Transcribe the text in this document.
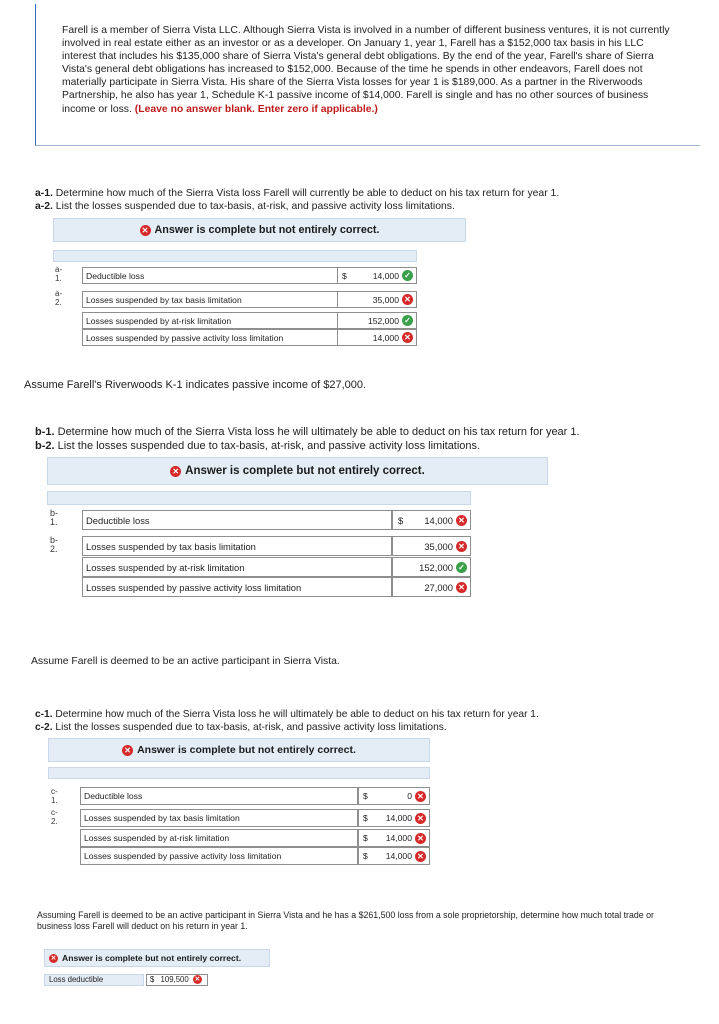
Farell is a member of Sierra Vista LLC. Although Sierra Vista is involved in a number of different business ventures, it is not currently involved in real estate either as an investor or as a developer. On January 1, year 1, Farell has a $152,000 tax basis in his LLC interest that includes his $135,000 share of Sierra Vista's general debt obligations. By the end of the year, Farell's share of Sierra Vista's general debt obligations has increased to $152,000. Because of the time he spends in other endeavors, Farell does not materially participate in Sierra Vista. His share of the Sierra Vista losses for year 1 is $189,000. As a partner in the Riverwoods Partnership, he also has year 1, Schedule K-1 passive income of $14,000. Farell is single and has no other sources of business income or loss. (Leave no answer blank. Enter zero if applicable.)
a-1. Determine how much of the Sierra Vista loss Farell will currently be able to deduct on his tax return for year 1.
a-2. List the losses suspended due to tax-basis, at-risk, and passive activity loss limitations.
✕ Answer is complete but not entirely correct.
a-
1.
a-
2.
Deductible loss	$	14,000 ✓
Losses suspended by tax basis limitation	35,000 ✕
Losses suspended by at-risk limitation	152,000 ✓
Losses suspended by passive activity loss limitation	14,000 ✕
Assume Farell's Riverwoods K-1 indicates passive income of $27,000.
b-1. Determine how much of the Sierra Vista loss he will ultimately be able to deduct on his tax return for year 1.
b-2. List the losses suspended due to tax-basis, at-risk, and passive activity loss limitations.
✕ Answer is complete but not entirely correct.
b-
1.
b-
2.
Deductible loss	$ 14,000 ✕
Losses suspended by tax basis limitation	35,000 ✕
Losses suspended by at-risk limitation	152,000 ✓
Losses suspended by passive activity loss limitation	27,000 ✕
Assume Farell is deemed to be an active participant in Sierra Vista.
c-1. Determine how much of the Sierra Vista loss he will ultimately be able to deduct on his tax return for year 1.
c-2. List the losses suspended due to tax-basis, at-risk, and passive activity loss limitations.
✕ Answer is complete but not entirely correct.
c-
1.
c-
2.
Deductible loss	$	0 ✕
Losses suspended by tax basis limitation	$ 14,000 ✕
Losses suspended by at-risk limitation	$ 14,000 ✕
Losses suspended by passive activity loss limitation	$ 14,000 ✕
Assuming Farell is deemed to be an active participant in Sierra Vista and he has a $261,500 loss from a sole proprietorship, determine how much total trade or business loss Farell will deduct on his return in year 1.
✕ Answer is complete but not entirely correct.
Loss deductible	$ 109,500 ✕
